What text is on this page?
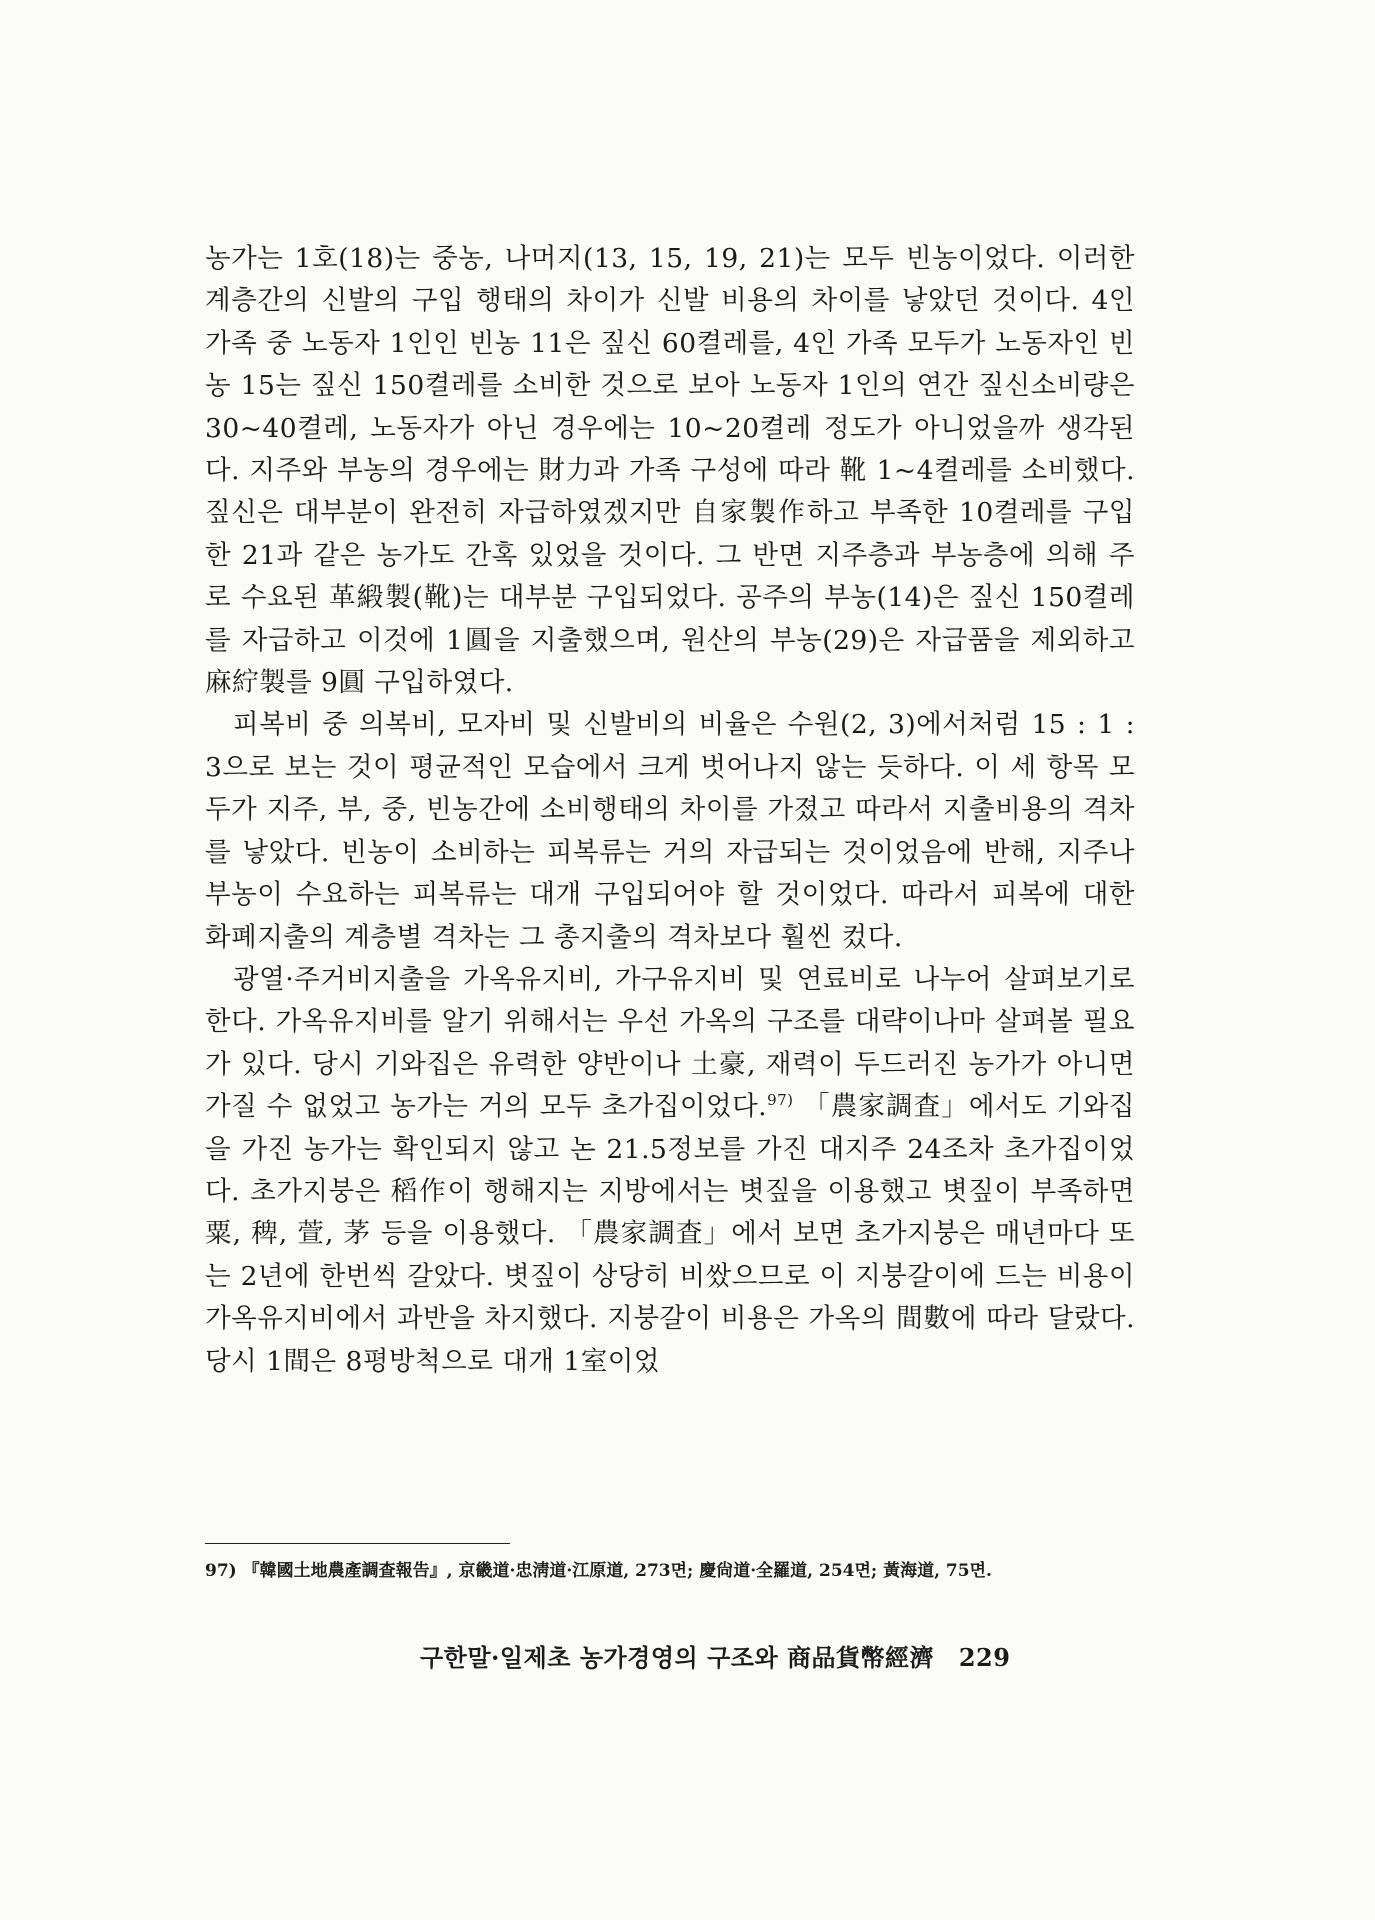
농가는 1호(18)는 중농, 나머지(13, 15, 19, 21)는 모두 빈농이었다. 이러한 계층간의 신발의 구입 행태의 차이가 신발 비용의 차이를 낳았던 것이다. 4인 가족 중 노동자 1인인 빈농 11은 짚신 60켤레를, 4인 가족 모두가 노동자인 빈농 15는 짚신 150켤레를 소비한 것으로 보아 노동자 1인의 연간 짚신소비량은 30~40켤레, 노동자가 아닌 경우에는 10~20켤레 정도가 아니었을까 생각된다. 지주와 부농의 경우에는 財力과 가족 구성에 따라 靴 1~4켤레를 소비했다. 짚신은 대부분이 완전히 자급하였겠지만 自家製作하고 부족한 10켤레를 구입한 21과 같은 농가도 간혹 있었을 것이다. 그 반면 지주층과 부농층에 의해 주로 수요된 革緞製(靴)는 대부분 구입되었다. 공주의 부농(14)은 짚신 150켤레를 자급하고 이것에 1圓을 지출했으며, 원산의 부농(29)은 자급품을 제외하고 麻紵製를 9圓 구입하였다.

피복비 중 의복비, 모자비 및 신발비의 비율은 수원(2, 3)에서처럼 15 : 1 : 3으로 보는 것이 평균적인 모습에서 크게 벗어나지 않는 듯하다. 이 세 항목 모두가 지주, 부, 중, 빈농간에 소비행태의 차이를 가졌고 따라서 지출비용의 격차를 낳았다. 빈농이 소비하는 피복류는 거의 자급되는 것이었음에 반해, 지주나 부농이 수요하는 피복류는 대개 구입되어야 할 것이었다. 따라서 피복에 대한 화폐지출의 계층별 격차는 그 총지출의 격차보다 훨씬 컸다.

광열·주거비지출을 가옥유지비, 가구유지비 및 연료비로 나누어 살펴보기로 한다. 가옥유지비를 알기 위해서는 우선 가옥의 구조를 대략이나마 살펴볼 필요가 있다. 당시 기와집은 유력한 양반이나 土豪, 재력이 두드러진 농가가 아니면 가질 수 없었고 농가는 거의 모두 초가집이었다.$^{97)}$ 「農家調査」에서도 기와집을 가진 농가는 확인되지 않고 논 21.5정보를 가진 대지주 24조차 초가집이었다. 초가지붕은 稻作이 행해지는 지방에서는 볏짚을 이용했고 볏짚이 부족하면 粟, 稗, 萱, 茅 등을 이용했다. 「農家調査」에서 보면 초가지붕은 매년마다 또는 2년에 한번씩 갈았다. 볏짚이 상당히 비쌌으므로 이 지붕갈이에 드는 비용이 가옥유지비에서 과반을 차지했다. 지붕갈이 비용은 가옥의 間數에 따라 달랐다. 당시 1間은 8평방척으로 대개 1室이었

97) 『韓國土地農產調查報告』, 京畿道·忠淸道·江原道, 273면; 慶尙道·全羅道, 254면; 黃海道, 75면.
구한말·일제초 농가경영의 구조와 商品貨幣經濟 229
